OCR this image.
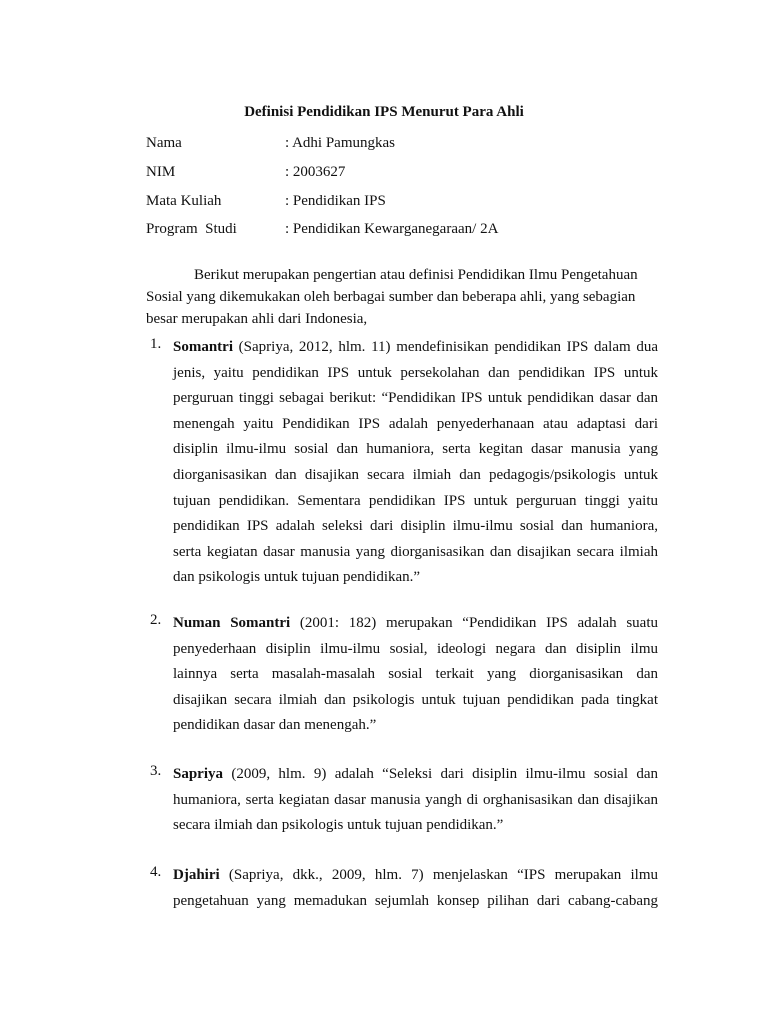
Definisi Pendidikan IPS Menurut Para Ahli
Nama	: Adhi Pamungkas
NIM	: 2003627
Mata Kuliah	: Pendidikan IPS
Program  Studi	: Pendidikan Kewarganegaraan/ 2A
Berikut merupakan pengertian atau definisi Pendidikan Ilmu Pengetahuan
Sosial yang dikemukakan oleh berbagai sumber dan beberapa ahli, yang sebagian
besar merupakan ahli dari Indonesia,
1. Somantri (Sapriya, 2012, hlm. 11) mendefinisikan pendidikan IPS dalam dua
jenis, yaitu pendidikan IPS untuk persekolahan dan pendidikan IPS untuk
perguruan tinggi sebagai berikut: “Pendidikan IPS untuk pendidikan dasar dan
menengah yaitu Pendidikan IPS adalah penyederhanaan atau adaptasi dari
disiplin ilmu-ilmu sosial dan humaniora, serta kegitan dasar manusia yang
diorganisasikan dan disajikan secara ilmiah dan pedagogis/psikologis untuk
tujuan pendidikan. Sementara pendidikan IPS untuk perguruan tinggi yaitu
pendidikan IPS adalah seleksi dari disiplin ilmu-ilmu sosial dan humaniora,
serta kegiatan dasar manusia yang diorganisasikan dan disajikan secara ilmiah
dan psikologis untuk tujuan pendidikan.”
2. Numan Somantri (2001: 182) merupakan “Pendidikan IPS adalah suatu
penyederhaan disiplin ilmu-ilmu sosial, ideologi negara dan disiplin ilmu
lainnya serta masalah-masalah sosial terkait yang diorganisasikan dan
disajikan secara ilmiah dan psikologis untuk tujuan pendidikan pada tingkat
pendidikan dasar dan menengah.”
3. Sapriya (2009, hlm. 9) adalah “Seleksi dari disiplin ilmu-ilmu sosial dan
humaniora, serta kegiatan dasar manusia yangh di orghanisasikan dan disajikan
secara ilmiah dan psikologis untuk tujuan pendidikan.”
4. Djahiri (Sapriya, dkk., 2009, hlm. 7) menjelaskan “IPS merupakan ilmu
pengetahuan yang memadukan sejumlah konsep pilihan dari cabang-cabang
